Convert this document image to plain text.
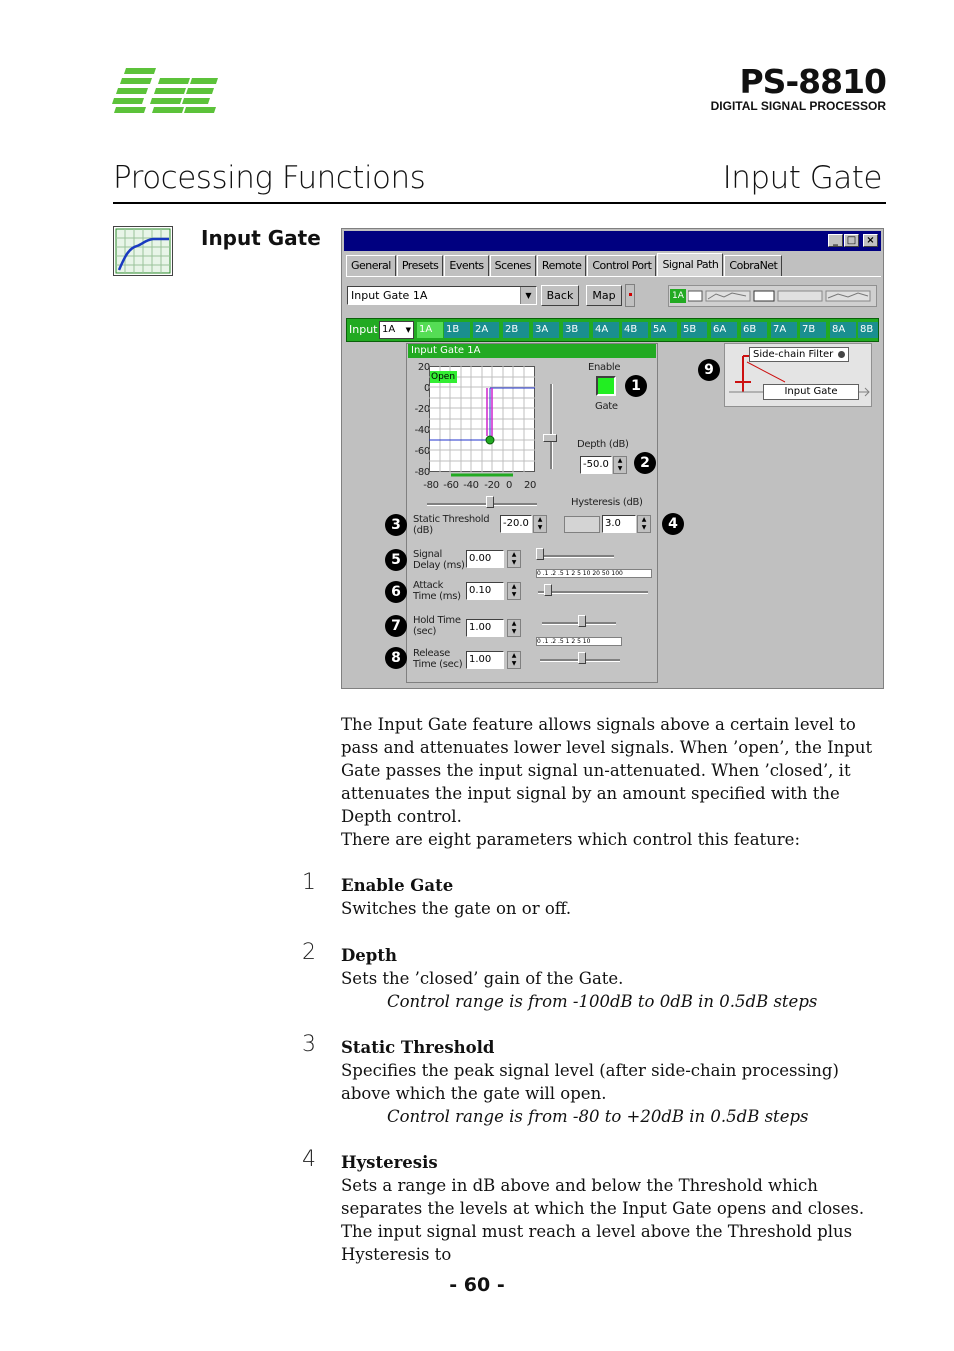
PS-8810
DIGITAL SIGNAL PROCESSOR
Processing Functions	Input Gate
Input Gate	_ □	×
General	Presets	Events	Scenes	Remote	Control Port	Signal Path	CobraNet
Input Gate 1A	▼	Back	Map	1A
Input 1A ▼ 1A	1B	2A	2B	3A	3B	4A	4B	5A	5B	6A	6B	7A	7B	8A	8B
Input Gate 1A
20
0
-20
-40
-60
-80
Open
-80 -60 -40 -20 0	20
Enable
Gate
1
Depth (dB)
-50.0	▲
▼	2
Hysteresis (dB)
3.0	▲
▼	4
3	Static Threshold
(dB)
-20.0	▲
▼
5	Signal
Delay (ms)
0.00	▲
▼
0 .1 .2 .5 1 2 5 10 20 50 100
6	Attack
Time (ms)
0.10	▲
▼
7	Hold Time
(sec)	1.00	▲
▼
0 .1 .2 .5 1 2 5 10
8	Release
Time (sec) 1.00	▲
▼
9
Side-chain Filter
Input Gate
The Input Gate feature allows signals above a certain level to pass and attenuates lower level signals. When ’open’, the Input Gate passes the input signal un-attenuated. When ’closed’, it attenuates the input signal by an amount specified with the Depth control.
There are eight parameters which control this feature:
1 Enable Gate

Switches the gate on or off.

2 Depth

Sets the ’closed’ gain of the Gate.

Control range is from -100dB to 0dB in 0.5dB steps

3 Static Threshold

Specifies the peak signal level (after side-chain processing) above which the gate will open.

Control range is from -80 to +20dB in 0.5dB steps

4 Hysteresis

Sets a range in dB above and below the Threshold which separates the levels at which the Input Gate opens and closes. The input signal must reach a level above the Threshold plus Hysteresis to

- 60 -
